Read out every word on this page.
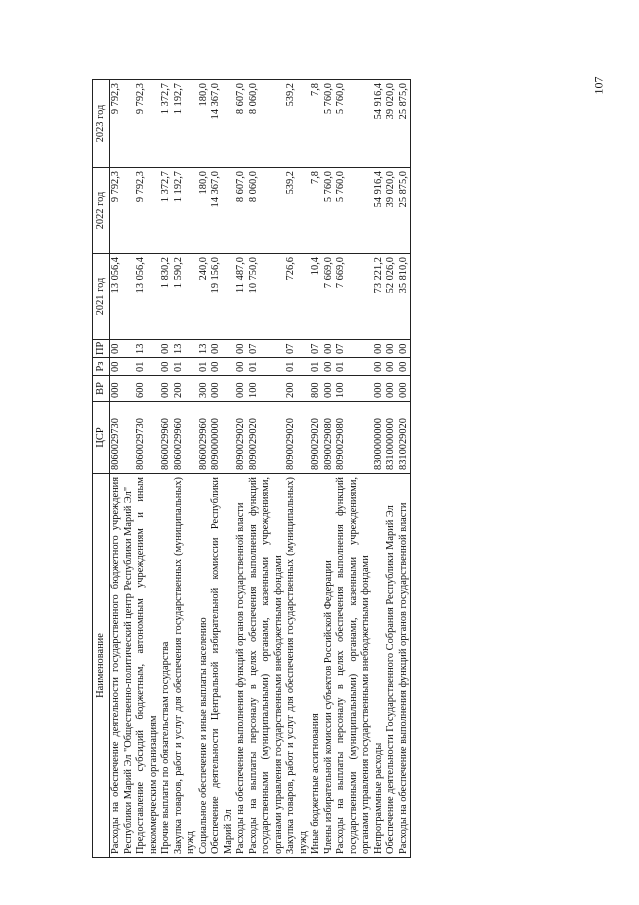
107
Наименование	ЦСР	ВР	Рз	ПР	2021 год	2022 год	2023 год
Расходы на обеспечение деятельности государственного бюджетного учреждения Республики Марий Эл "Общественно-политический центр Республики Марий Эл"	8060029730	000	00	00	13 056,4	9 792,3	9 792,3
Предоставление субсидий бюджетным, автономным учреждениям и иным некоммерческим организациям	8060029730	600	01	13	13 056,4	9 792,3	9 792,3
Прочие выплаты по обязательствам государства	8060029960	000	00	00	1 830,2	1 372,7	1 372,7
Закупка товаров, работ и услуг для обеспечения государственных (муниципальных) нужд	8060029960	200	01	13	1 590,2	1 192,7	1 192,7
Социальное обеспечение и иные выплаты населению	8060029960	300	01	13	240,0	180,0	180,0
Обеспечение деятельности Центральной избирательной комиссии Республики Марий Эл	8090000000	000	00	00	19 156,0	14 367,0	14 367,0
Расходы на обеспечение выполнения функций органов государственной власти	8090029020	000	00	00	11 487,0	8 607,0	8 607,0
Расходы на выплаты персоналу в целях обеспечения выполнения функций государственными (муниципальными) органами, казенными учреждениями, органами управления государственными внебюджетными фондами	8090029020	100	01	07	10 750,0	8 060,0	8 060,0
Закупка товаров, работ и услуг для обеспечения государственных (муниципальных) нужд	8090029020	200	01	07	726,6	539,2	539,2
Иные бюджетные ассигнования	8090029020	800	01	07	10,4	7,8	7,8
Члены избирательной комиссии субъектов Российской Федерации	8090029080	000	00	00	7 669,0	5 760,0	5 760,0
Расходы на выплаты персоналу в целях обеспечения выполнения функций государственными (муниципальными) органами, казенными учреждениями, органами управления государственными внебюджетными фондами	8090029080	100	01	07	7 669,0	5 760,0	5 760,0
Непрограммные расходы	8300000000	000	00	00	73 221,2	54 916,4	54 916,4
Обеспечение деятельности Государственного Собрания Республики Марий Эл	8310000000	000	00	00	52 026,0	39 020,0	39 020,0
Расходы на обеспечение выполнения функций органов государственной власти	8310029020	000	00	00	35 810,0	25 875,0	25 875,0
